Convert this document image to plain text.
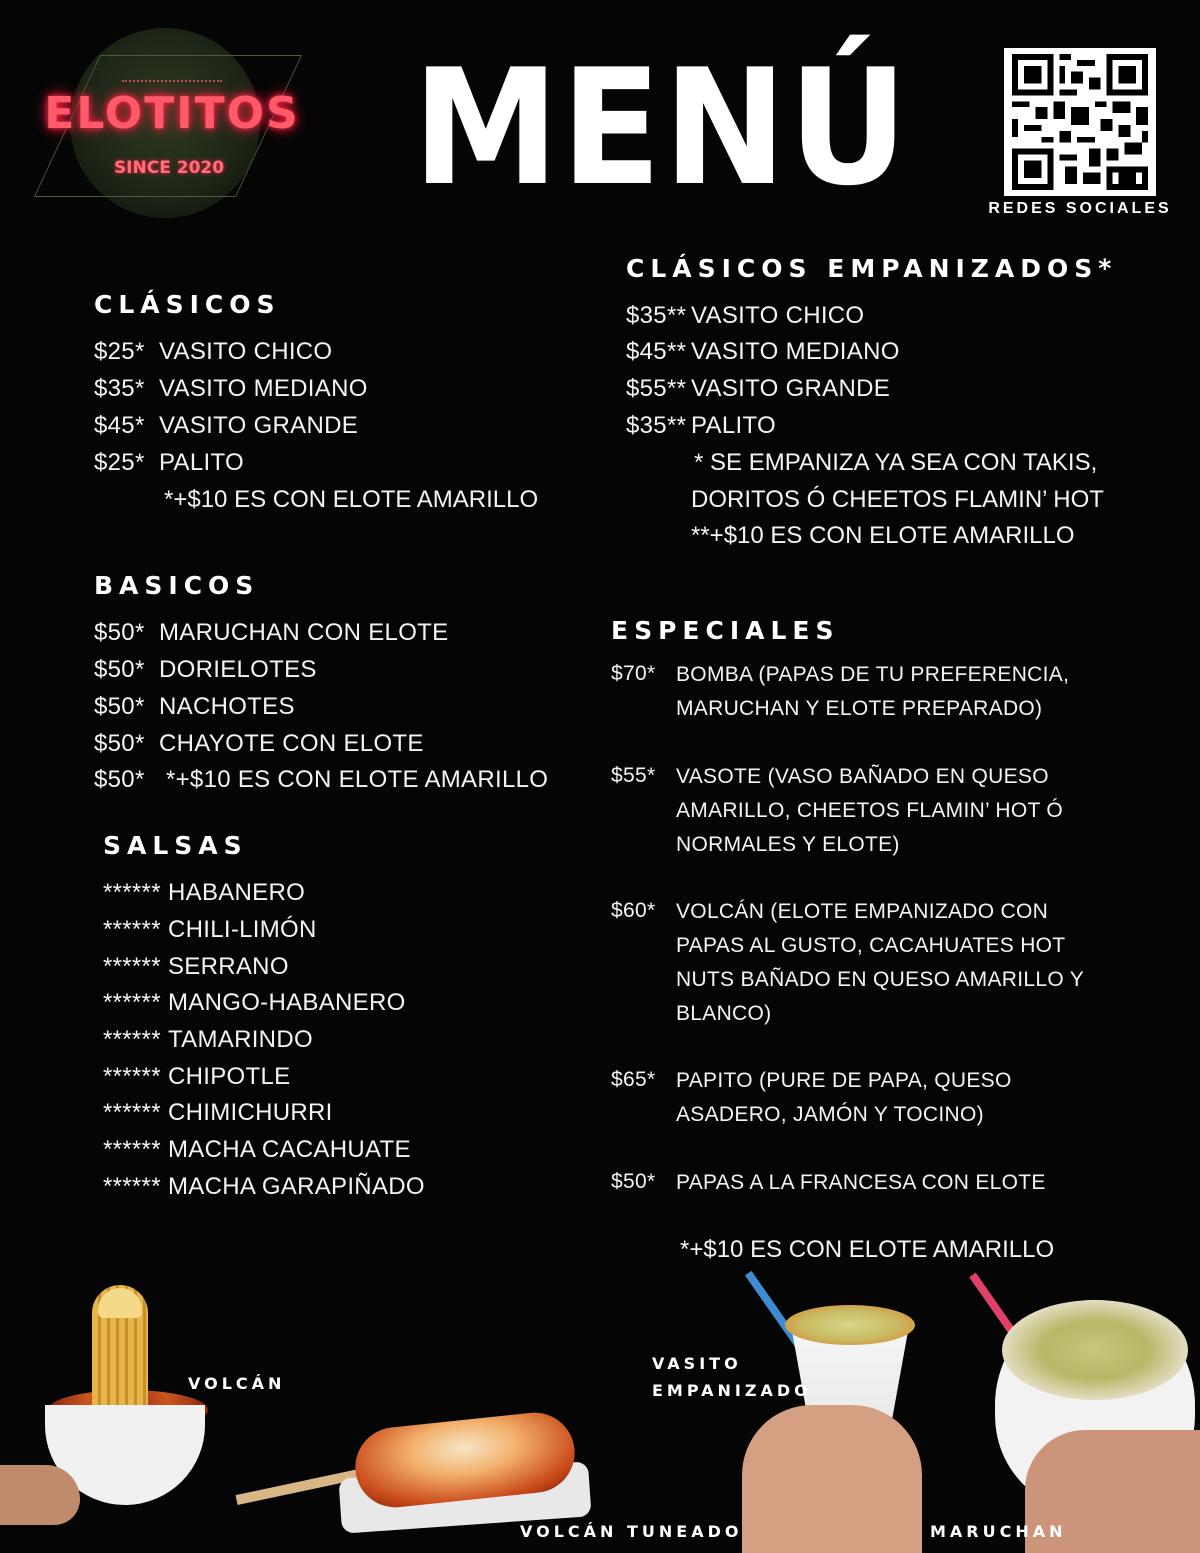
ELOTITOS
SINCE 2020	MENÚ	REDES SOCIALES
CLÁSICOS
$25* VASITO CHICO
$35* VASITO MEDIANO
$45* VASITO GRANDE
$25* PALITO
*+$10 ES CON ELOTE AMARILLO
BASICOS
$50* MARUCHAN CON ELOTE
$50* DORIELOTES
$50* NACHOTES
$50* CHAYOTE CON ELOTE
$50* *+$10 ES CON ELOTE AMARILLO
SALSAS
****** HABANERO
****** CHILI-LIMÓN
****** SERRANO
****** MANGO-HABANERO
****** TAMARINDO
****** CHIPOTLE
****** CHIMICHURRI
****** MACHA CACAHUATE
****** MACHA GARAPIÑADO
CLÁSICOS EMPANIZADOS*
$35** VASITO CHICO
$45** VASITO MEDIANO
$55** VASITO GRANDE
$35** PALITO
* SE EMPANIZA YA SEA CON TAKIS,
DORITOS Ó CHEETOS FLAMIN’ HOT
**+$10 ES CON ELOTE AMARILLO
ESPECIALES
$70* BOMBA (PAPAS DE TU PREFERENCIA,
MARUCHAN Y ELOTE PREPARADO)
$55* VASOTE (VASO BAÑADO EN QUESO
AMARILLO, CHEETOS FLAMIN’ HOT Ó
NORMALES Y ELOTE)
$60* VOLCÁN (ELOTE EMPANIZADO CON
PAPAS AL GUSTO, CACAHUATES HOT
NUTS BAÑADO EN QUESO AMARILLO Y
BLANCO)
$65* PAPITO (PURE DE PAPA, QUESO
ASADERO, JAMÓN Y TOCINO)
$50* PAPAS A LA FRANCESA CON ELOTE
*+$10 ES CON ELOTE AMARILLO
VOLCÁN
VOLCÁN TUNEADO
VASITO
EMPANIZADO
MARUCHAN
